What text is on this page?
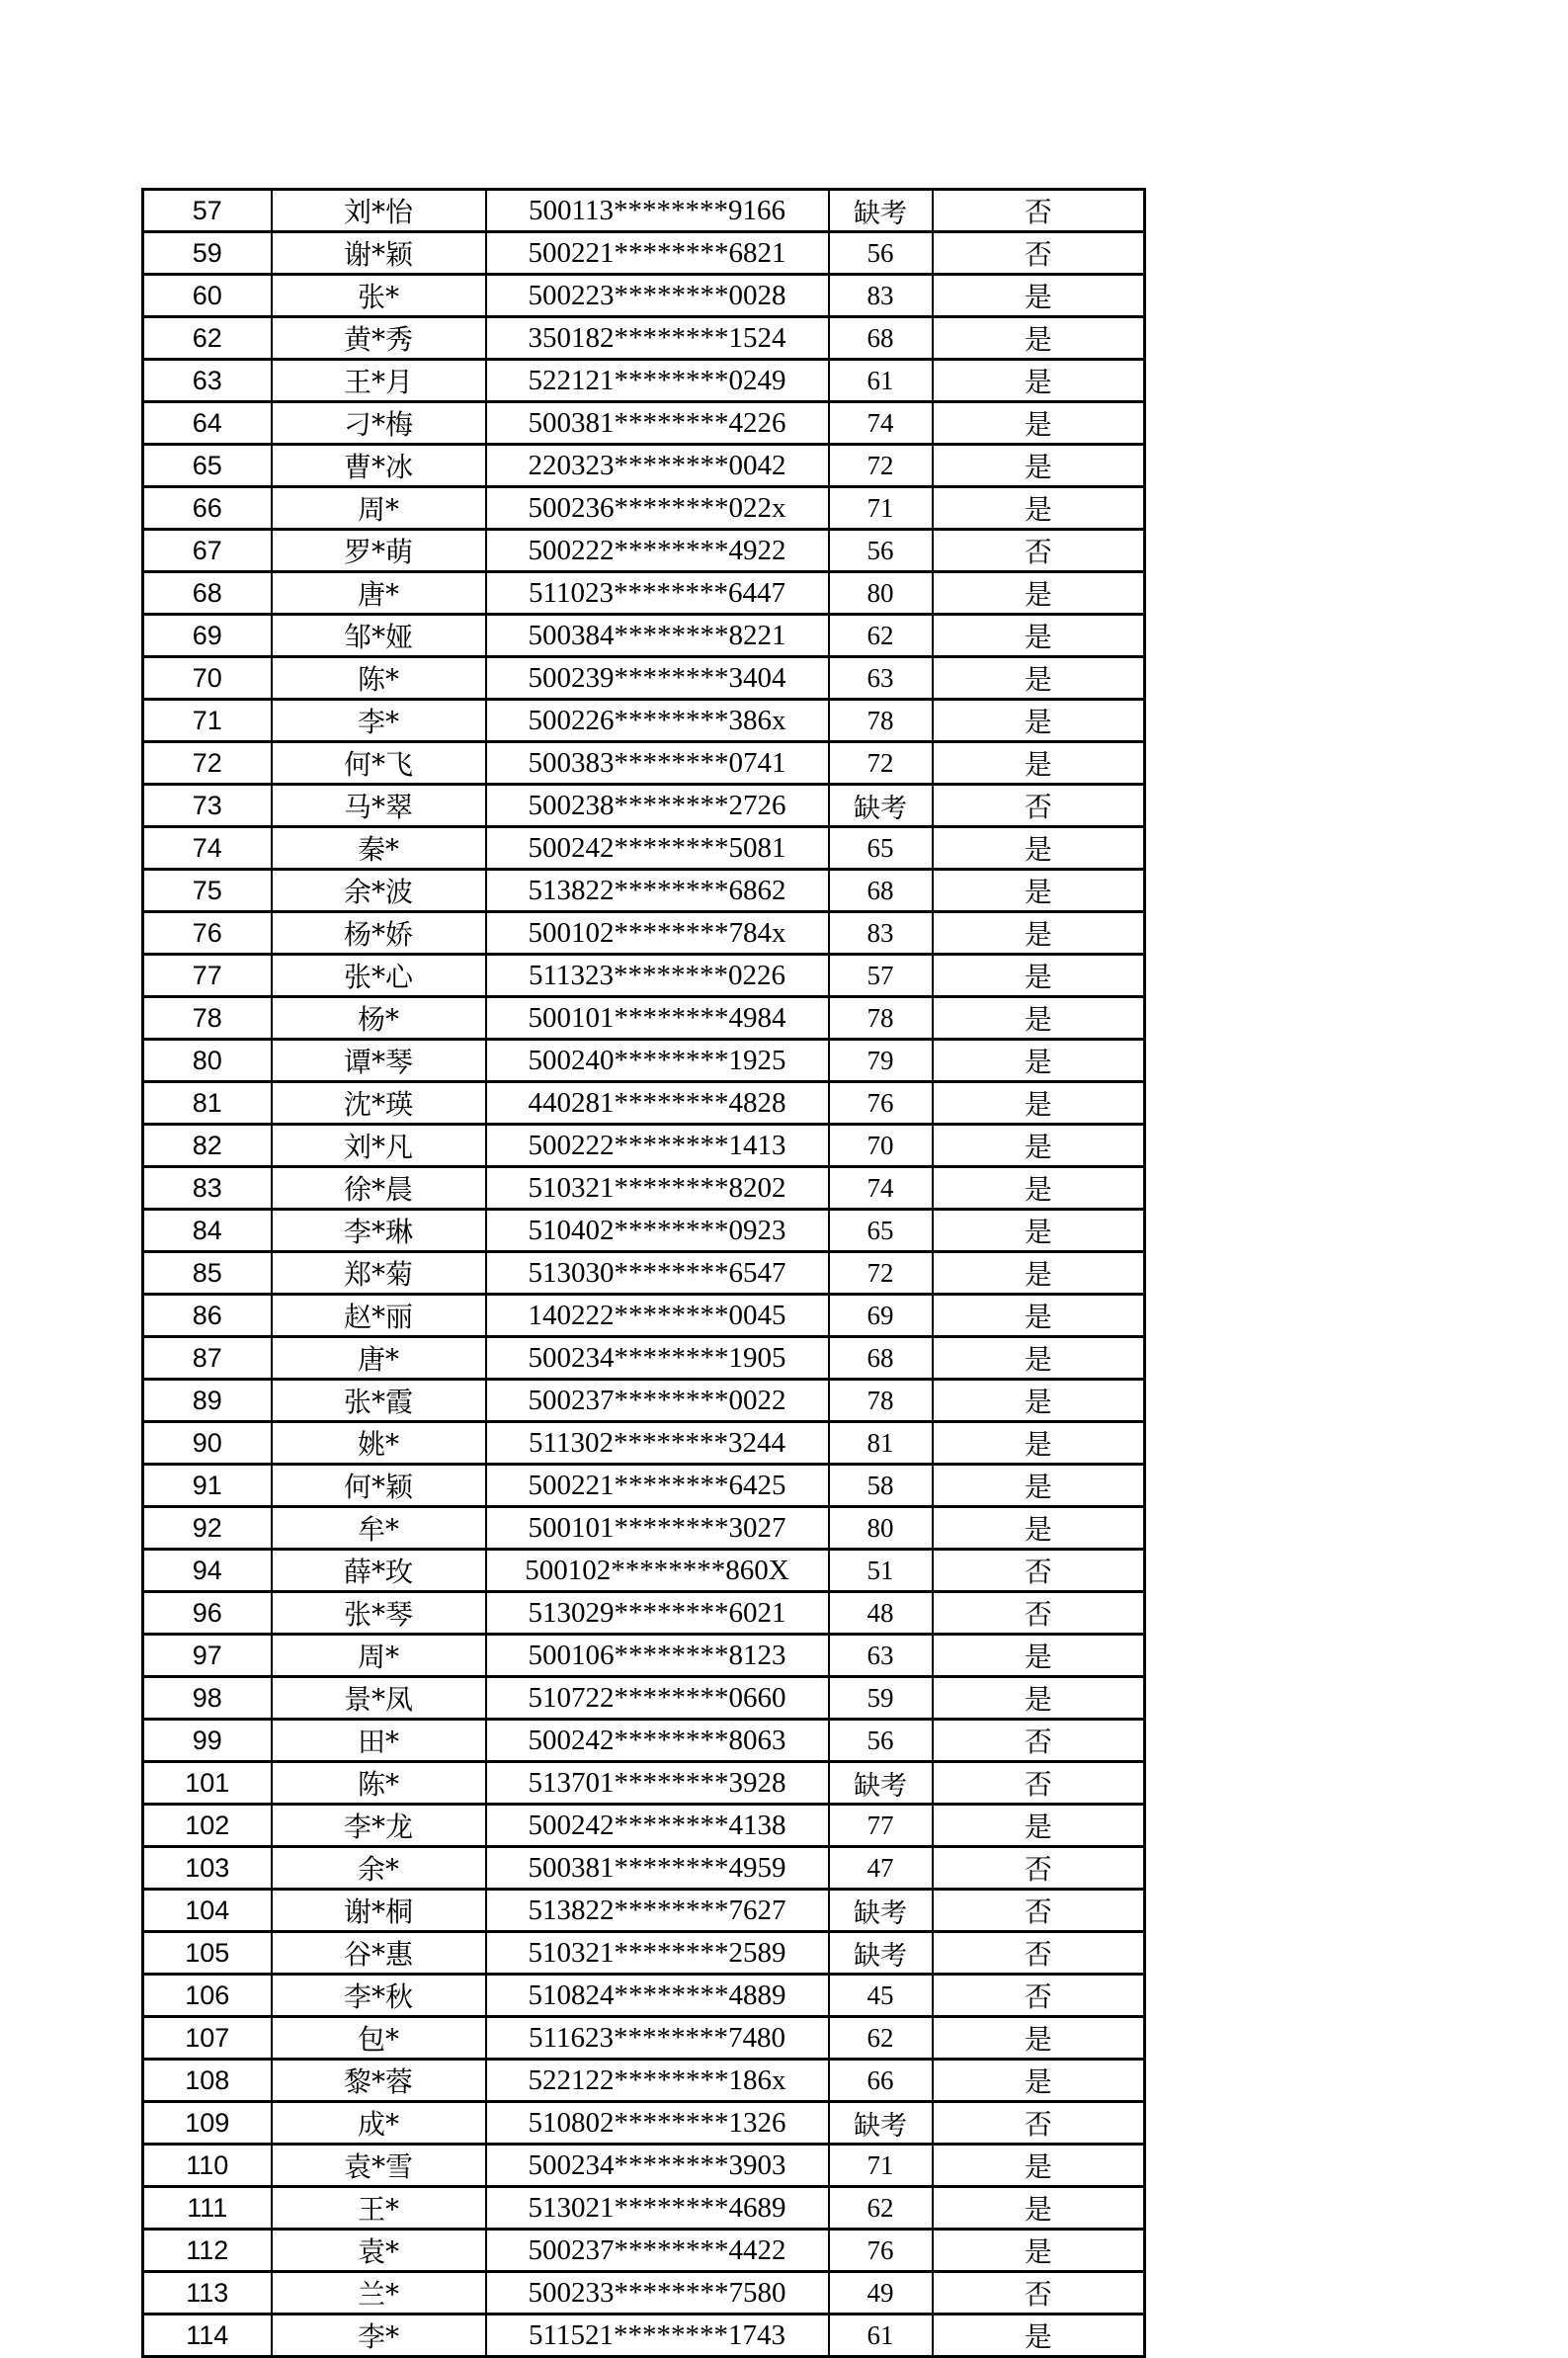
57	刘*怡	500113********9166	缺考	否
59	谢*颖	500221********6821	56	否
60	张*	500223********0028	83	是
62	黄*秀	350182********1524	68	是
63	王*月	522121********0249	61	是
64	刁*梅	500381********4226	74	是
65	曹*冰	220323********0042	72	是
66	周*	500236********022x	71	是
67	罗*萌	500222********4922	56	否
68	唐*	511023********6447	80	是
69	邹*娅	500384********8221	62	是
70	陈*	500239********3404	63	是
71	李*	500226********386x	78	是
72	何*飞	500383********0741	72	是
73	马*翠	500238********2726	缺考	否
74	秦*	500242********5081	65	是
75	余*波	513822********6862	68	是
76	杨*娇	500102********784x	83	是
77	张*心	511323********0226	57	是
78	杨*	500101********4984	78	是
80	谭*琴	500240********1925	79	是
81	沈*瑛	440281********4828	76	是
82	刘*凡	500222********1413	70	是
83	徐*晨	510321********8202	74	是
84	李*琳	510402********0923	65	是
85	郑*菊	513030********6547	72	是
86	赵*丽	140222********0045	69	是
87	唐*	500234********1905	68	是
89	张*霞	500237********0022	78	是
90	姚*	511302********3244	81	是
91	何*颖	500221********6425	58	是
92	牟*	500101********3027	80	是
94	薛*玫	500102********860X	51	否
96	张*琴	513029********6021	48	否
97	周*	500106********8123	63	是
98	景*凤	510722********0660	59	是
99	田*	500242********8063	56	否
101	陈*	513701********3928	缺考	否
102	李*龙	500242********4138	77	是
103	余*	500381********4959	47	否
104	谢*桐	513822********7627	缺考	否
105	谷*惠	510321********2589	缺考	否
106	李*秋	510824********4889	45	否
107	包*	511623********7480	62	是
108	黎*蓉	522122********186x	66	是
109	成*	510802********1326	缺考	否
110	袁*雪	500234********3903	71	是
111	王*	513021********4689	62	是
112	袁*	500237********4422	76	是
113	兰*	500233********7580	49	否
114	李*	511521********1743	61	是
